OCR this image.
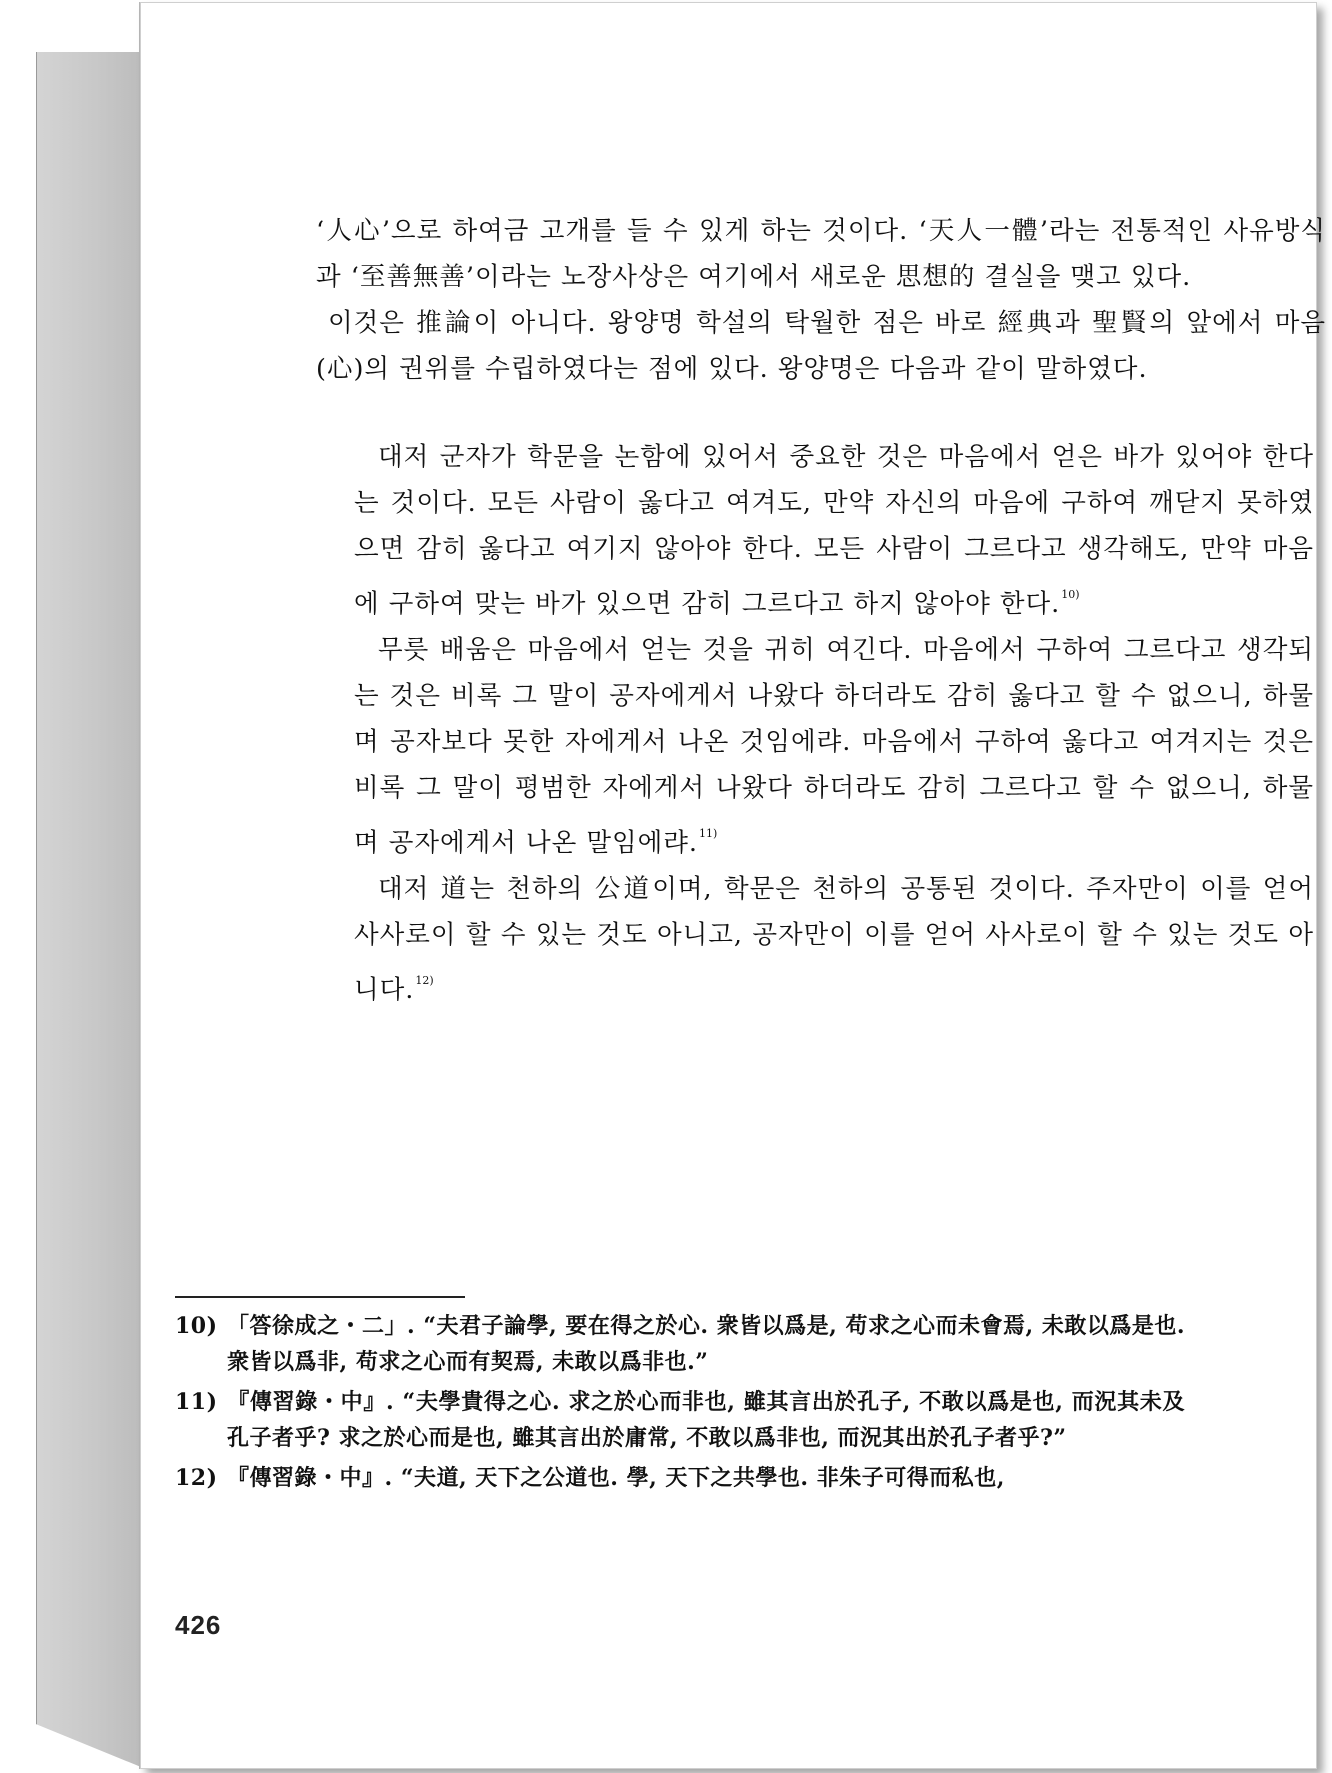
‘人心’으로 하여금 고개를 들 수 있게 하는 것이다. ‘天人一體’라는 전통적인 사유방식과 ‘至善無善’이라는 노장사상은 여기에서 새로운 思想的 결실을 맺고 있다.

이것은 推論이 아니다. 왕양명 학설의 탁월한 점은 바로 經典과 聖賢의 앞에서 마음(心)의 권위를 수립하였다는 점에 있다. 왕양명은 다음과 같이 말하였다.

대저 군자가 학문을 논함에 있어서 중요한 것은 마음에서 얻은 바가 있어야 한다는 것이다. 모든 사람이 옳다고 여겨도, 만약 자신의 마음에 구하여 깨닫지 못하였으면 감히 옳다고 여기지 않아야 한다. 모든 사람이 그르다고 생각해도, 만약 마음에 구하여 맞는 바가 있으면 감히 그르다고 하지 않아야 한다.$^{10)}$

무릇 배움은 마음에서 얻는 것을 귀히 여긴다. 마음에서 구하여 그르다고 생각되는 것은 비록 그 말이 공자에게서 나왔다 하더라도 감히 옳다고 할 수 없으니, 하물며 공자보다 못한 자에게서 나온 것임에랴. 마음에서 구하여 옳다고 여겨지는 것은 비록 그 말이 평범한 자에게서 나왔다 하더라도 감히 그르다고 할 수 없으니, 하물며 공자에게서 나온 말임에랴.$^{11)}$

대저 道는 천하의 公道이며, 학문은 천하의 공통된 것이다. 주자만이 이를 얻어 사사로이 할 수 있는 것도 아니고, 공자만이 이를 얻어 사사로이 할 수 있는 것도 아니다.$^{12)}$

10) 「答徐成之・二」. “夫君子論學, 要在得之於心. 衆皆以爲是, 苟求之心而未會焉, 未敢以爲是也. 衆皆以爲非, 苟求之心而有契焉, 未敢以爲非也.”

11) 『傳習錄・中』. “夫學貴得之心. 求之於心而非也, 雖其言出於孔子, 不敢以爲是也, 而況其未及孔子者乎? 求之於心而是也, 雖其言出於庸常, 不敢以爲非也, 而況其出於孔子者乎?”

12) 『傳習錄・中』. “夫道, 天下之公道也. 學, 天下之共學也. 非朱子可得而私也,

426
